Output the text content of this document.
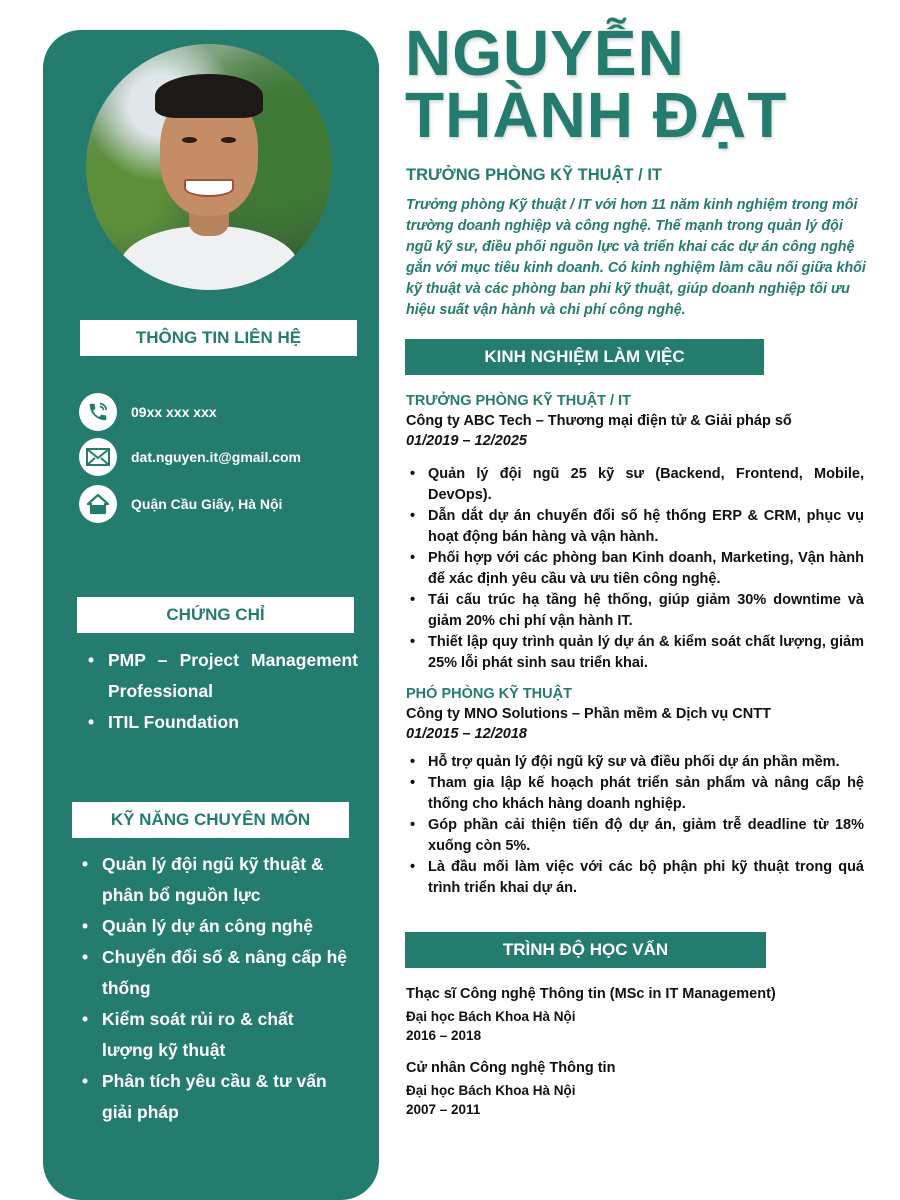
THÔNG TIN LIÊN HỆ
09xx xxx xxx
dat.nguyen.it@gmail.com
Quận Cầu Giấy, Hà Nội
CHỨNG CHỈ
• PMP – Project Management Professional
• ITIL Foundation
KỸ NĂNG CHUYÊN MÔN
• Quản lý đội ngũ kỹ thuật & phân bổ nguồn lực
• Quản lý dự án công nghệ
• Chuyển đổi số & nâng cấp hệ thống
• Kiểm soát rủi ro & chất lượng kỹ thuật
• Phân tích yêu cầu & tư vấn giải pháp
NGUYỄN
THÀNH ĐẠT
TRƯỞNG PHÒNG KỸ THUẬT / IT

Trưởng phòng Kỹ thuật / IT với hơn 11 năm kinh nghiệm trong môi trường doanh nghiệp và công nghệ. Thế mạnh trong quản lý đội ngũ kỹ sư, điều phối nguồn lực và triển khai các dự án công nghệ gắn với mục tiêu kinh doanh. Có kinh nghiệm làm cầu nối giữa khối kỹ thuật và các phòng ban phi kỹ thuật, giúp doanh nghiệp tối ưu hiệu suất vận hành và chi phí công nghệ.

KINH NGHIỆM LÀM VIỆC
TRƯỞNG PHÒNG KỸ THUẬT / IT
Công ty ABC Tech – Thương mại điện tử & Giải pháp số
01/2019 – 12/2025
• Quản lý đội ngũ 25 kỹ sư (Backend, Frontend, Mobile, DevOps).
• Dẫn dắt dự án chuyển đổi số hệ thống ERP & CRM, phục vụ hoạt động bán hàng và vận hành.
• Phối hợp với các phòng ban Kinh doanh, Marketing, Vận hành để xác định yêu cầu và ưu tiên công nghệ.
• Tái cấu trúc hạ tầng hệ thống, giúp giảm 30% downtime và giảm 20% chi phí vận hành IT.
• Thiết lập quy trình quản lý dự án & kiểm soát chất lượng, giảm 25% lỗi phát sinh sau triển khai.
PHÓ PHÒNG KỸ THUẬT
Công ty MNO Solutions – Phần mềm & Dịch vụ CNTT
01/2015 – 12/2018
• Hỗ trợ quản lý đội ngũ kỹ sư và điều phối dự án phần mềm.
• Tham gia lập kế hoạch phát triển sản phẩm và nâng cấp hệ thống cho khách hàng doanh nghiệp.
• Góp phần cải thiện tiến độ dự án, giảm trễ deadline từ 18% xuống còn 5%.
• Là đầu mối làm việc với các bộ phận phi kỹ thuật trong quá trình triển khai dự án.
TRÌNH ĐỘ HỌC VẤN
Thạc sĩ Công nghệ Thông tin (MSc in IT Management)
Đại học Bách Khoa Hà Nội
2016 – 2018
Cử nhân Công nghệ Thông tin
Đại học Bách Khoa Hà Nội
2007 – 2011
